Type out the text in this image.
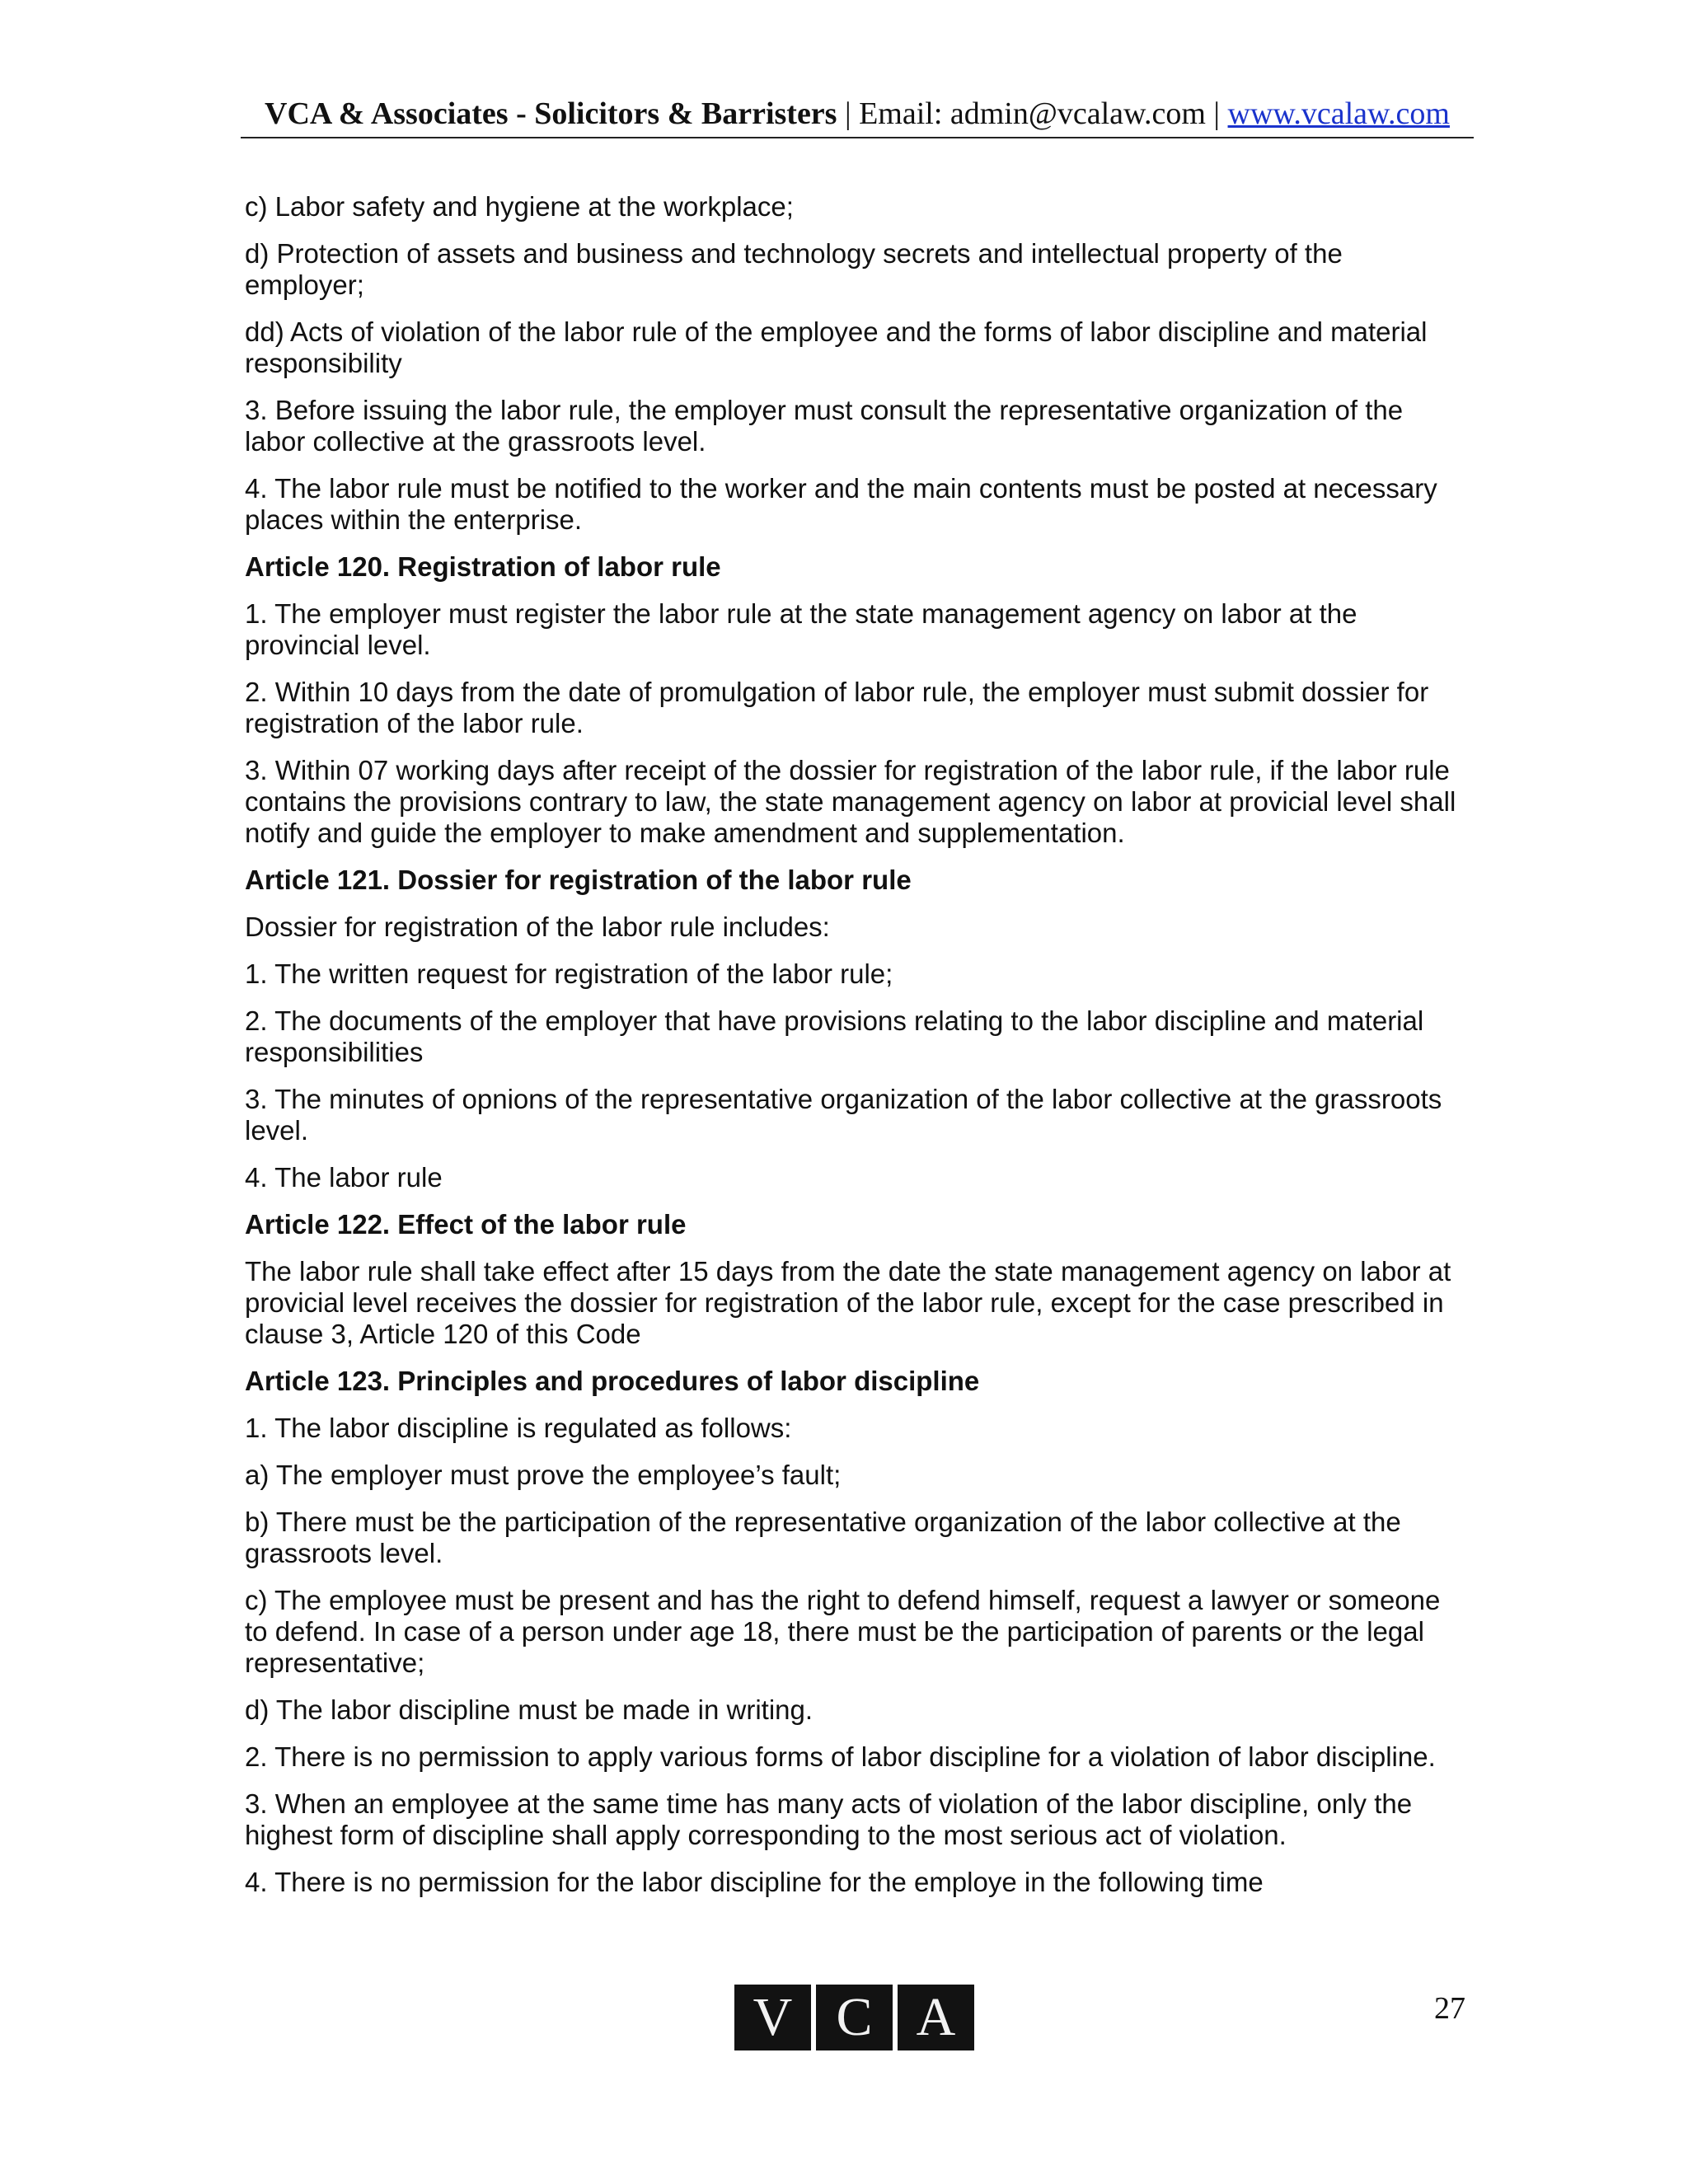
VCA & Associates - Solicitors & Barristers | Email: admin@vcalaw.com | www.vcalaw.com

c) Labor safety and hygiene at the workplace;

d) Protection of assets and business and technology secrets and intellectual property of the employer;

dd) Acts of violation of the labor rule of the employee and the forms of labor discipline and material responsibility

3. Before issuing the labor rule, the employer must consult the representative organization of the labor collective at the grassroots level.

4. The labor rule must be notified to the worker and the main contents must be posted at necessary places within the enterprise.

Article 120. Registration of labor rule

1. The employer must register the labor rule at the state management agency on labor at the provincial level.

2. Within 10 days from the date of promulgation of labor rule, the employer must submit dossier for registration of the labor rule.

3. Within 07 working days after receipt of the dossier for registration of the labor rule, if the labor rule contains the provisions contrary to law, the state management agency on labor at provicial level shall notify and guide the employer to make amendment and supplementation.

Article 121. Dossier for registration of the labor rule

Dossier for registration of the labor rule includes:

1. The written request for registration of the labor rule;

2. The documents of the employer that have provisions relating to the labor discipline and material responsibilities

3. The minutes of opnions of the representative organization of the labor collective at the grassroots level.

4. The labor rule

Article 122. Effect of the labor rule

The labor rule shall take effect after 15 days from the date the state management agency on labor at provicial level receives the dossier for registration of the labor rule, except for the case prescribed in clause 3, Article 120 of this Code

Article 123. Principles and procedures of labor discipline

1. The labor discipline is regulated as follows:

a) The employer must prove the employee’s fault;

b) There must be the participation of the representative organization of the labor collective at the grassroots level.

c) The employee must be present and has the right to defend himself, request a lawyer or someone to defend. In case of a person under age 18, there must be the participation of parents or the legal representative;

d) The labor discipline must be made in writing.

2. There is no permission to apply various forms of labor discipline for a violation of labor discipline.

3. When an employee at the same time has many acts of violation of the labor discipline, only the highest form of discipline shall apply corresponding to the most serious act of violation.

4. There is no permission for the labor discipline for the employe in the following time

V C A	27
